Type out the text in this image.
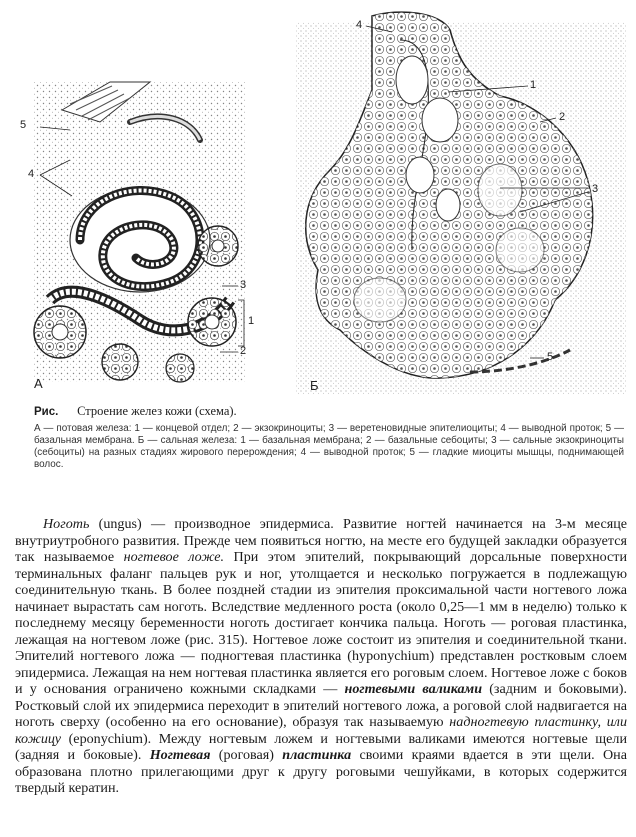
5
4
3
1
2
А
4
1
2
3
5
Б
Рис. Строение желез кожи (схема).
А — потовая железа: 1 — концевой отдел; 2 — экзокриноциты; 3 — веретеновидные эпителиоциты; 4 — выводной проток; 5 — базальная мембрана. Б — сальная железа: 1 — базальная мембрана; 2 — базальные себоциты; 3 — сальные экзокриноциты (себоциты) на разных стадиях жирового перерождения; 4 — выводной проток; 5 — гладкие миоциты мышцы, поднимающей волос.

Ноготь (ungus) — производное эпидермиса. Развитие ногтей начинается на 3-м месяце внутриутробного развития. Прежде чем появиться ногтю, на месте его будущей закладки образуется так называемое ногтевое ложе. При этом эпителий, покрывающий дорсальные поверхности терминальных фаланг пальцев рук и ног, утолщается и несколько погружается в подлежащую соединительную ткань. В более поздней стадии из эпителия проксимальной части ногтевого ложа начинает вырастать сам ноготь. Вследствие медленного роста (около 0,25—1 мм в неделю) только к последнему месяцу беременности ноготь достигает кончика пальца. Ноготь — роговая пластинка, лежащая на ногтевом ложе (рис. 315). Ногтевое ложе состоит из эпителия и соединительной ткани. Эпителий ногтевого ложа — подногтевая пластинка (hyponychium) представлен ростковым слоем эпидермиса. Лежащая на нем ногтевая пластинка является его роговым слоем. Ногтевое ложе с боков и у основания ограничено кожными складками — ногтевыми валиками (задним и боковыми). Ростковый слой их эпидермиса переходит в эпителий ногтевого ложа, а роговой слой надвигается на ноготь сверху (особенно на его основание), образуя так называемую надногтевую пластинку, или кожицу (eponychium). Между ногтевым ложем и ногтевыми валиками имеются ногтевые щели (задняя и боковые). Ногтевая (роговая) пластинка своими краями вдается в эти щели. Она образована плотно прилегающими друг к другу роговыми чешуйками, в которых содержится твердый кератин.
